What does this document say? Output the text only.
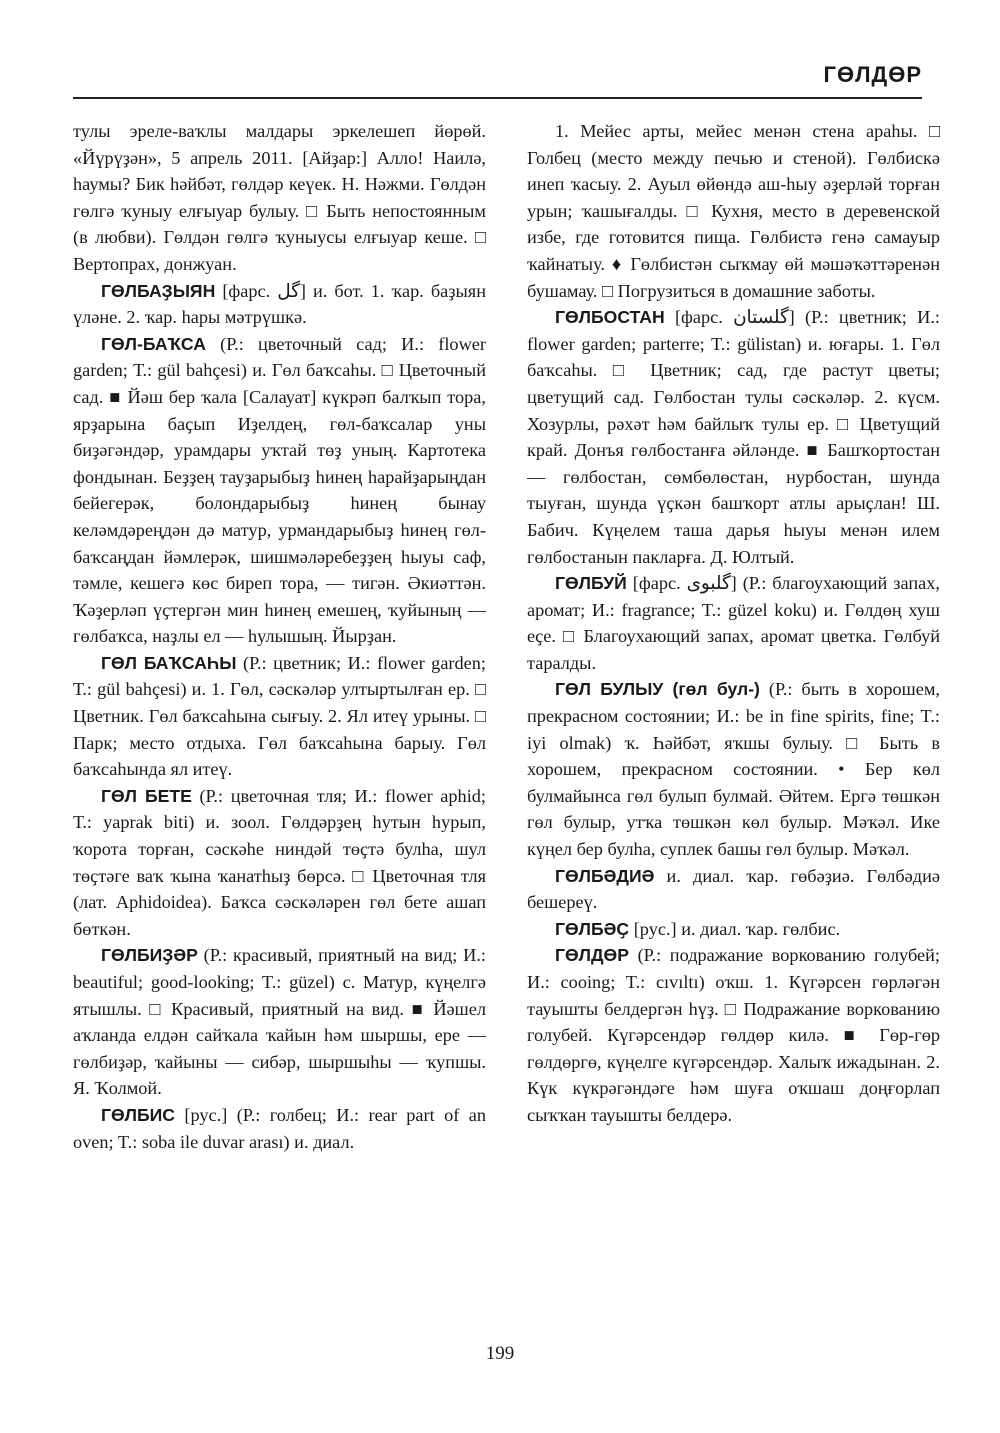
ГӨЛДӨР

тулы эреле-ваҡлы малдары эркелешеп йөрөй. «Йүрүҙән», 5 апрель 2011. [Айҙар:] Алло! Наилә, һаумы? Бик һәйбәт, гөлдәр кеүек. Н. Нәжми. Гөлдән гөлгә ҡуныу елғыуар булыу. □ Быть непостоянным (в любви). Гөлдән гөлгә ҡуныусы елғыуар кеше. □ Вертопрах, донжуан.

ГӨЛБАҘЫЯН [фарс. گل] и. бот. 1. ҡар. баҙыян үләне. 2. ҡар. һары мәтрүшкә.

ГӨЛ-БАҠСА (Р.: цветочный сад; И.: flower garden; Т.: gül bahçesi) и. Гөл баҡсаһы. □ Цветочный сад. ■ Йәш бер ҡала [Салауат] күкрәп балҡып тора, ярҙарына баҫып Иҙелдең, гөл-баҡсалар уны биҙәгәндәр, урамдары уҡтай төҙ уның. Картотека фондынан. Беҙҙең тауҙарыбыҙ һинең һарайҙарыңдан бейегерәк, болондарыбыҙ һинең бынау келәмдәреңдән дә матур, урмандарыбыҙ һинең гөл-баҡсаңдан йәмлерәк, шишмәләребеҙҙең һыуы саф, тәмле, кешегә көс биреп тора, — тигән. Әкиәттән. Ҡәҙерләп үҫтергән мин һинең емешең, ҡуйының — гөлбаҡса, наҙлы ел — һулышың. Йырҙан.

ГӨЛ БАҠСАҺЫ (Р.: цветник; И.: flower garden; Т.: gül bahçesi) и. 1. Гөл, сәскәләр ултыртылған ер. □ Цветник. Гөл баҡсаһына сығыу. 2. Ял итеү урыны. □ Парк; место отдыха. Гөл баҡсаһына барыу. Гөл баҡсаһында ял итеү.

ГӨЛ БЕТЕ (Р.: цветочная тля; И.: flower aphid; Т.: yaprak biti) и. зоол. Гөлдәрҙең һутын һурып, ҡорота торған, сәскәһе ниндәй төҫтә булһа, шул төҫтәге ваҡ ҡына ҡанатһыҙ бөрсә. □ Цветочная тля (лат. Aphidoidea). Баҡса сәскәләрен гөл бете ашап бөткән.

ГӨЛБИҘӘР (Р.: красивый, приятный на вид; И.: beautiful; good-looking; T.: güzel) с. Матур, күңелгә ятышлы. □ Красивый, приятный на вид. ■ Йәшел аҡланда елдән сайҡала ҡайын һәм шыршы, ере — гөлбиҙәр, ҡайыны — сибәр, шыршыһы — ҡупшы. Я. Ҡолмой.

ГӨЛБИС [рус.] (Р.: голбец; И.: rear part of an oven; T.: soba ile duvar arası) и. диал.

1. Мейес арты, мейес менән стена араһы. □ Голбец (место между печью и стеной). Гөлбискә инеп ҡасыу. 2. Ауыл өйөндә аш-һыу әҙерләй торған урын; ҡашығалды. □ Кухня, место в деревенской избе, где готовится пища. Гөлбистә генә самауыр ҡайнатыу. ♦ Гөлбистән сыҡмау өй мәшәҡәттәренән бушамау. □ Погрузиться в домашние заботы.

ГӨЛБОСТАН [фарс. گلستان] (Р.: цветник; И.: flower garden; parterre; T.: gülistan) и. юғары. 1. Гөл баҡсаһы. □ Цветник; сад, где растут цветы; цветущий сад. Гөлбостан тулы сәскәләр. 2. күсм. Хозурлы, рәхәт һәм байлыҡ тулы ер. □ Цветущий край. Донъя гөлбостанға әйләнде. ■ Башҡортостан — гөлбостан, сөмбөлөстан, нурбостан, шунда тыуған, шунда үҫкән башҡорт атлы арыҫлан! Ш. Бабич. Күңелем таша дарья һыуы менән илем гөлбостанын пакларға. Д. Юлтый.

ГӨЛБУЙ [фарс. گلبوی] (Р.: благоухающий запах, аромат; И.: fragrance; T.: güzel koku) и. Гөлдөң хуш еҫе. □ Благоухающий запах, аромат цветка. Гөлбуй таралды.

ГӨЛ БУЛЫУ (гөл бул-) (Р.: быть в хорошем, прекрасном состоянии; И.: be in fine spirits, fine; T.: iyi olmak) ҡ. Һәйбәт, яҡшы булыу. □ Быть в хорошем, прекрасном состоянии. • Бер көл булмайынса гөл булып булмай. Әйтем. Ергә төшкән гөл булыр, утҡа төшкән көл булыр. Мәҡәл. Ике күңел бер булһа, суплек башы гөл булыр. Мәҡәл.

ГӨЛБӘДИӘ и. диал. ҡар. гөбәҙиә. Гөлбәдиә бешереү.

ГӨЛБӘҪ [рус.] и. диал. ҡар. гөлбис.

ГӨЛДӨР (Р.: подражание воркованию голубей; И.: cooing; T.: cıvıltı) оҡш. 1. Күгәрсен гөрләгән тауышты белдергән һүҙ. □ Подражание воркованию голубей. Күгәрсендәр гөлдөр килә. ■ Гөр-гөр гөлдөргө, күңелге күгәрсендәр. Халыҡ ижадынан. 2. Күк күкрәгәндәге һәм шуға оҡшаш доңғорлап сыҡҡан тауышты белдерә.

199
